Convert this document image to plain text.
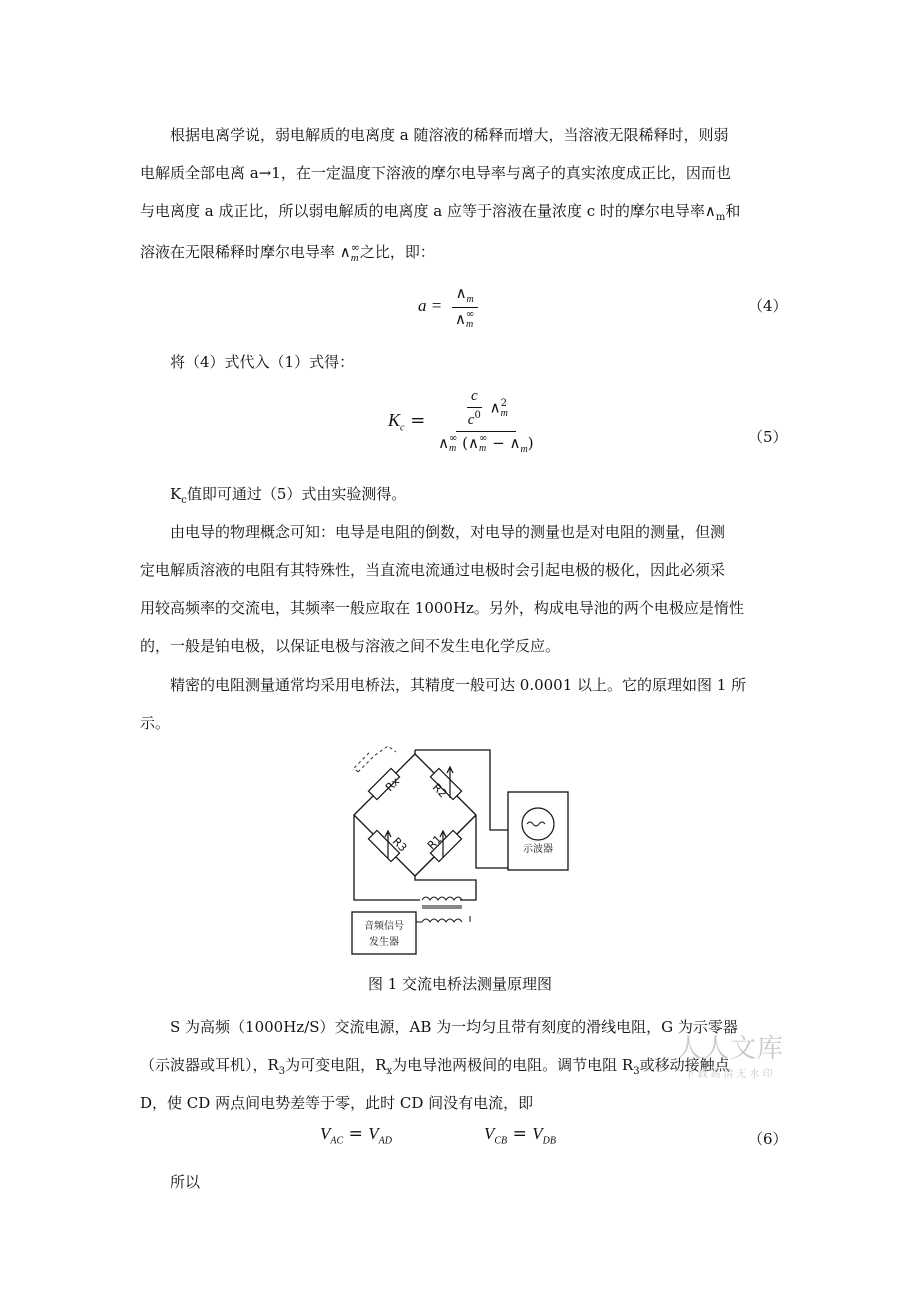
根据电离学说，弱电解质的电离度 a 随溶液的稀释而增大，当溶液无限稀释时，则弱
电解质全部电离 a→1，在一定温度下溶液的摩尔电导率与离子的真实浓度成正比，因而也
与电离度 a 成正比，所以弱电解质的电离度 a 应等于溶液在量浓度 c 时的摩尔电导率$\wedge_m$和
溶液在无限稀释时摩尔电导率 ∧ ∞
m 之比，即：
$a = \wedge_m$
∧ ∞
m	（4）
将（4）式代入（1）式得：
$K_c = \frac{c}{c^0}$ ∧ 2
m
∧ ∞
m (∧ ∞
$m - \wedge_m$)	（5）
$K_c$值即可通过（5）式由实验测得。
由电导的物理概念可知：电导是电阻的倒数，对电导的测量也是对电阻的测量，但测
定电解质溶液的电阻有其特殊性，当直流电流通过电极时会引起电极的极化，因此必须采
用较高频率的交流电，其频率一般应取在 1000Hz。另外，构成电导池的两个电极应是惰性
的，一般是铂电极，以保证电极与溶液之间不发生电化学反应。
精密的电阻测量通常均采用电桥法，其精度一般可达 0.0001 以上。它的原理如图 1 所
示。
Rx	R2
R3 R1	示波器
音频信号
发生器
图 1 交流电桥法测量原理图
S 为高频（1000Hz/S）交流电源，AB 为一均匀且带有刻度的滑线电阻，G 为示零器
（示波器或耳机），$R_3$为可变电阻，$R_x$为电导池两极间的电阻。调节电阻 $R_3$或移动接触点
D，使 CD 两点间电势差等于零，此时 CD 间没有电流，即
$V_{AC} = V_{AD}$	$V_{CB} = V_{DB}$	（6）
所以
人人文库
下载高清无水印
